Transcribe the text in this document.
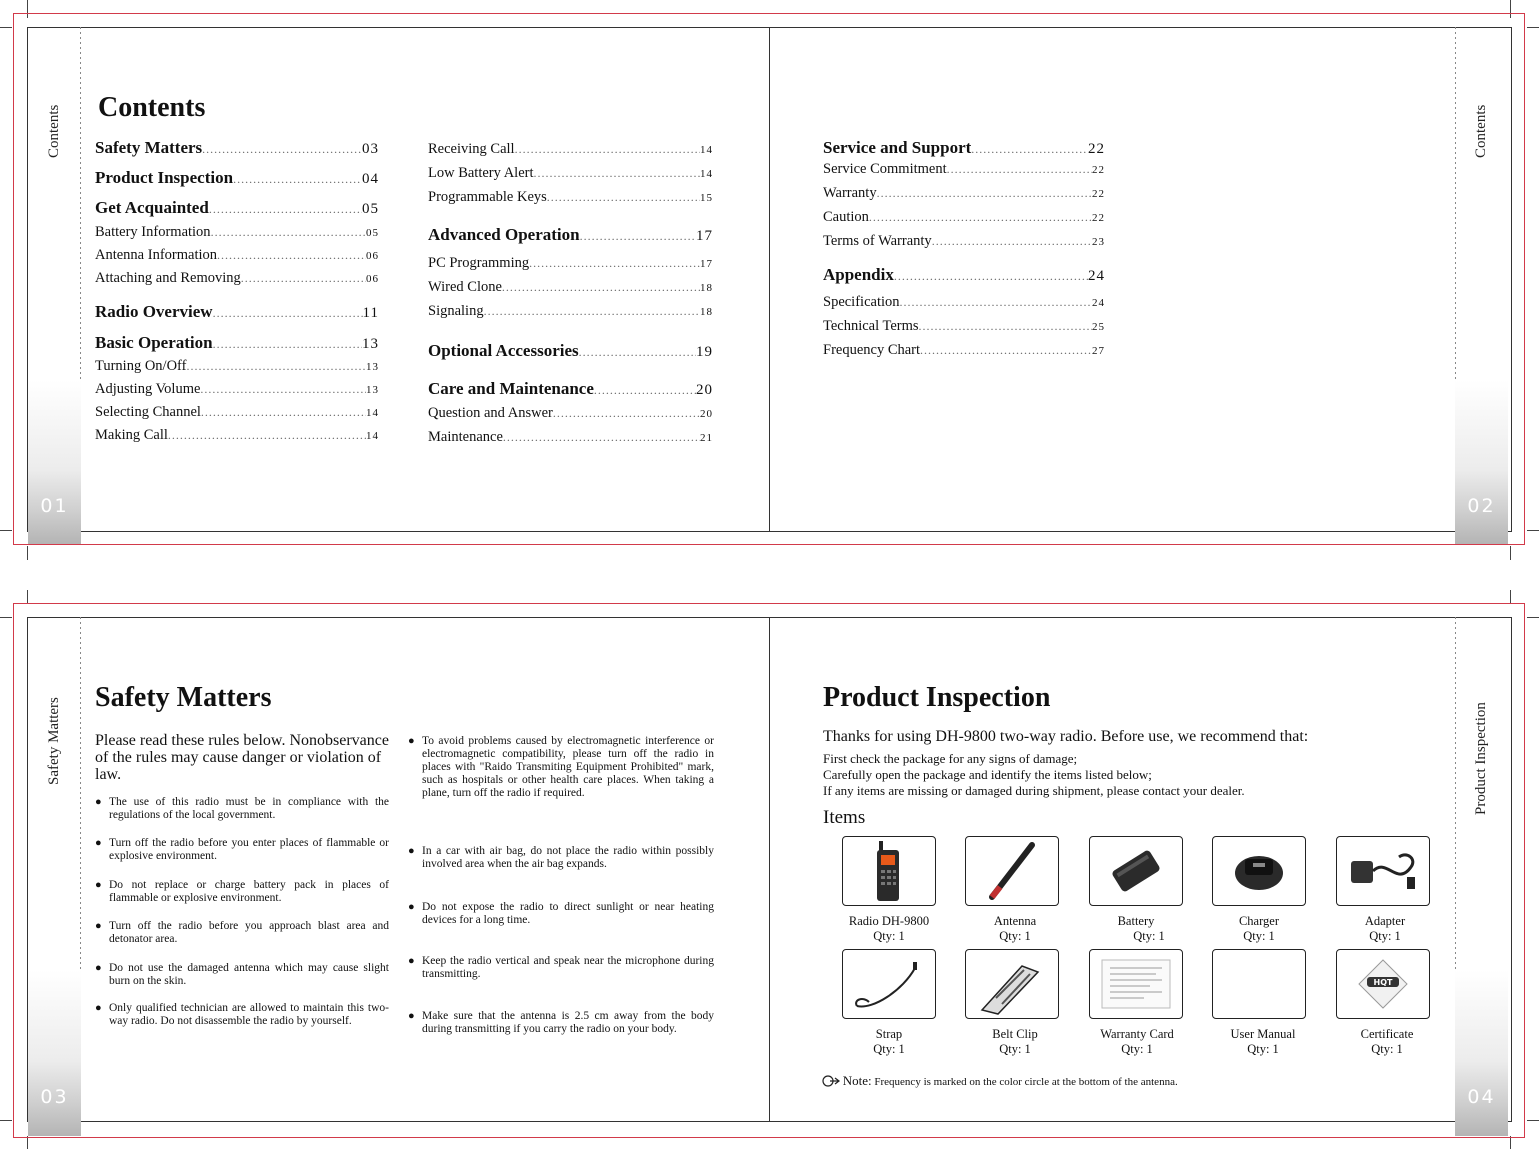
01	02
Contents	Contents
Contents
Safety Matters .....	03
Product Inspection .....	04
Get Acquainted .....	05
Battery Information .....	05
Antenna Information .....	06
Attaching and Removing .....	06
Radio Overview .....	11
Basic Operation .....	13
Turning On/Off .....	13
Adjusting Volume .....	13
Selecting Channel .....	14
Making Call .....	14
Receiving Call .....	14
Low Battery Alert .....	14
Programmable Keys .....	15
Advanced Operation .....	17
PC Programming .....	17
Wired Clone .....	18
Signaling .....	18
Optional Accessories .....	19
Care and Maintenance .....	20
Question and Answer .....	20
Maintenance .....	21
Service and Support .....	22
Service Commitment .....	22
Warranty .....	22
Caution .....	22
Terms of Warranty .....	23
Appendix .....	24
Specification .....	24
Technical Terms .....	25
Frequency Chart .....	27
03	04
Safety Matters	Product Inspection
Safety Matters
Please read these rules below. Nonobservance of the rules may cause danger or violation of law.
● The use of this radio must be in compliance with the regulations of the local government.
● Turn off the radio before you enter places of flammable or explosive environment.
● Do not replace or charge battery pack in places of flammable or explosive environment.
● Turn off the radio before you approach blast area and detonator area.
● Do not use the damaged antenna which may cause slight burn on the skin.
● Only qualified technician are allowed to maintain this two-way radio. Do not disassemble the radio by yourself.
● To avoid problems caused by electromagnetic interference or electromagnetic compatibility, please turn off the radio in places with "Raido Transmiting Equipment Prohibited" mark, such as hospitals or other health care places. When taking a plane, turn off the radio if required.
● In a car with air bag, do not place the radio within possibly involved area when the air bag expands.
● Do not expose the radio to direct sunlight or near heating devices for a long time.
● Keep the radio vertical and speak near the microphone during transmitting.
● Make sure that the antenna is 2.5 cm away from the body during transmitting if you carry the radio on your body.
Product Inspection
Thanks for using DH-9800 two-way radio. Before use, we recommend that:
First check the package for any signs of damage;
Carefully open the package and identify the items listed below;
If any items are missing or damaged during shipment, please contact your dealer.
Items
Radio DH-9800
Qty: 1
Antenna
Qty: 1
Battery
Qty: 1
Charger
Qty: 1
Adapter
Qty: 1
HQT
Strap
Qty: 1
Belt Clip
Qty: 1
Warranty Card
Qty: 1
User Manual
Qty: 1
Certificate
Qty: 1
Note: Frequency is marked on the color circle at the bottom of the antenna.
